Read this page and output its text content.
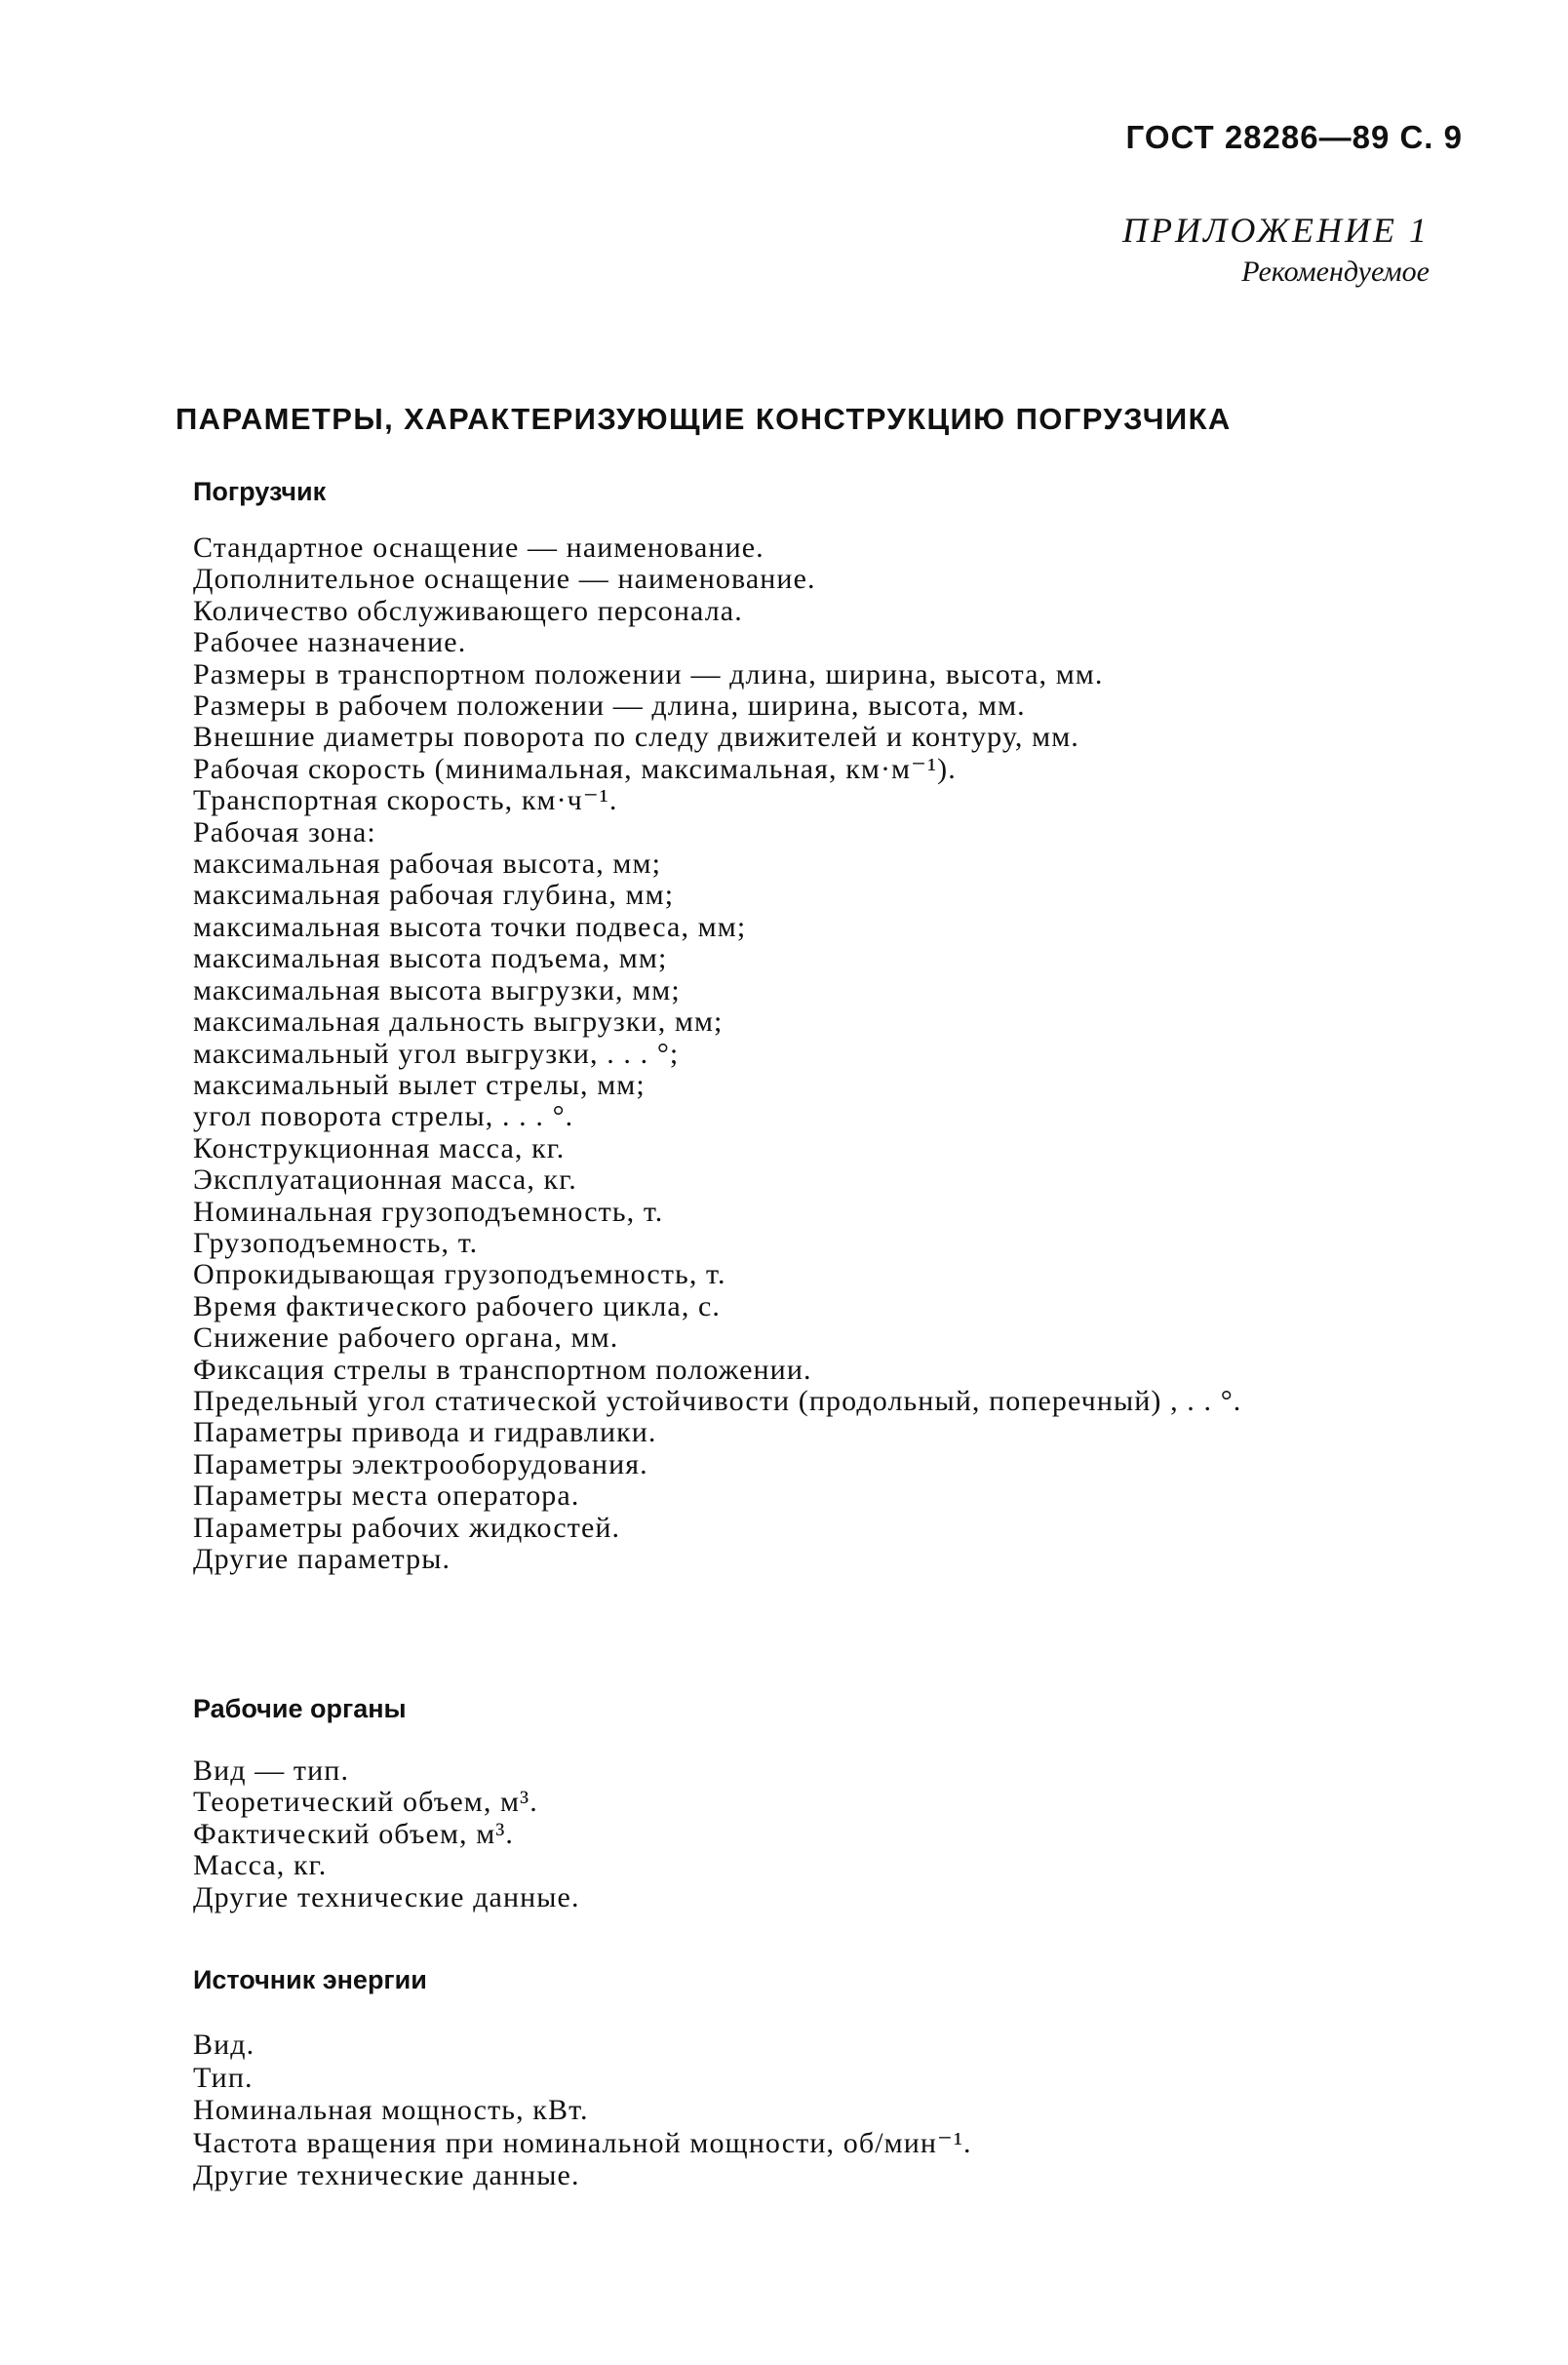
ГОСТ 28286—89 С. 9
ПРИЛОЖЕНИЕ 1
Рекомендуемое
ПАРАМЕТРЫ, ХАРАКТЕРИЗУЮЩИЕ КОНСТРУКЦИЮ ПОГРУЗЧИКА
Погрузчик
Стандартное оснащение — наименование.
Дополнительное оснащение — наименование.
Количество обслуживающего персонала.
Рабочее назначение.
Размеры в транспортном положении — длина, ширина, высота, мм.
Размеры в рабочем положении — длина, ширина, высота, мм.
Внешние диаметры поворота по следу движителей и контуру, мм.
Рабочая скорость (минимальная, максимальная, км·м⁻¹).
Транспортная скорость, км·ч⁻¹.
Рабочая зона:
максимальная рабочая высота, мм;
максимальная рабочая глубина, мм;
максимальная высота точки подвеса, мм;
максимальная высота подъема, мм;
максимальная высота выгрузки, мм;
максимальная дальность выгрузки, мм;
максимальный угол выгрузки, . . . °;
максимальный вылет стрелы, мм;
угол поворота стрелы, . . . °.
Конструкционная масса, кг.
Эксплуатационная масса, кг.
Номинальная грузоподъемность, т.
Грузоподъемность, т.
Опрокидывающая грузоподъемность, т.
Время фактического рабочего цикла, с.
Снижение рабочего органа, мм.
Фиксация стрелы в транспортном положении.
Предельный угол статической устойчивости (продольный, поперечный) , . . °.
Параметры привода и гидравлики.
Параметры электрооборудования.
Параметры места оператора.
Параметры рабочих жидкостей.
Другие параметры.
Рабочие органы
Вид — тип.
Теоретический объем, м³.
Фактический объем, м³.
Масса, кг.
Другие технические данные.
Источник энергии
Вид.
Тип.
Номинальная мощность, кВт.
Частота вращения при номинальной мощности, об/мин⁻¹.
Другие технические данные.
